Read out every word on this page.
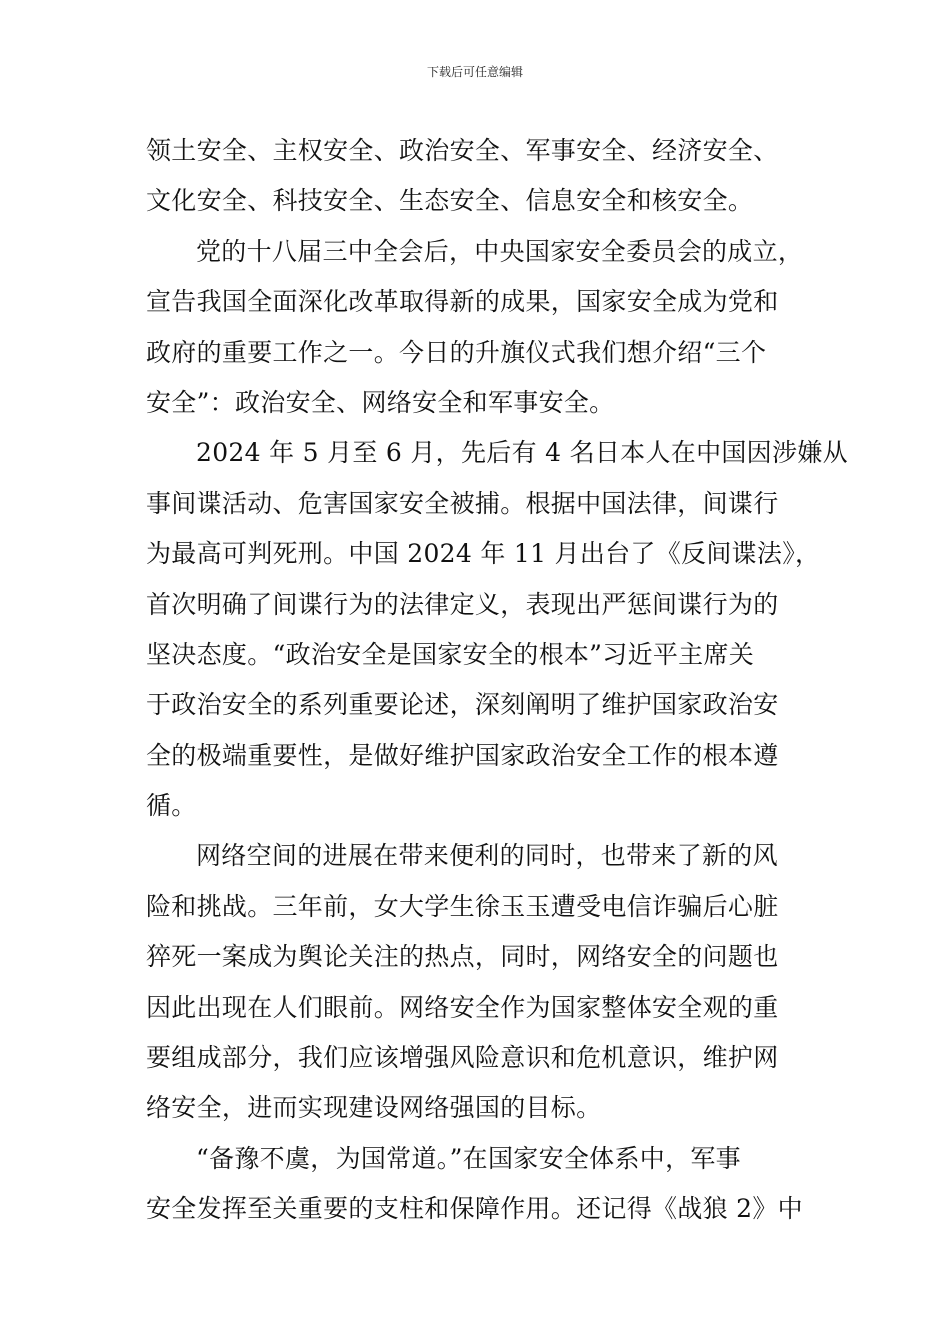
下载后可任意编辑
领土安全、主权安全、政治安全、军事安全、经济安全、
文化安全、科技安全、生态安全、信息安全和核安全。
党的十八届三中全会后，中央国家安全委员会的成立，
宣告我国全面深化改革取得新的成果，国家安全成为党和
政府的重要工作之一。今日的升旗仪式我们想介绍“三个
安全”：政治安全、网络安全和军事安全。
2024 年 5 月至 6 月，先后有 4 名日本人在中国因涉嫌从
事间谍活动、危害国家安全被捕。根据中国法律，间谍行
为最高可判死刑。中国 2024 年 11 月出台了《反间谍法》，
首次明确了间谍行为的法律定义，表现出严惩间谍行为的
坚决态度。“政治安全是国家安全的根本”习近平主席关
于政治安全的系列重要论述，深刻阐明了维护国家政治安
全的极端重要性，是做好维护国家政治安全工作的根本遵
循。
网络空间的进展在带来便利的同时，也带来了新的风
险和挑战。三年前，女大学生徐玉玉遭受电信诈骗后心脏
猝死一案成为舆论关注的热点，同时，网络安全的问题也
因此出现在人们眼前。网络安全作为国家整体安全观的重
要组成部分，我们应该增强风险意识和危机意识，维护网
络安全，进而实现建设网络强国的目标。
“备豫不虞，为国常道。”在国家安全体系中，军事
安全发挥至关重要的支柱和保障作用。还记得《战狼 2》中
